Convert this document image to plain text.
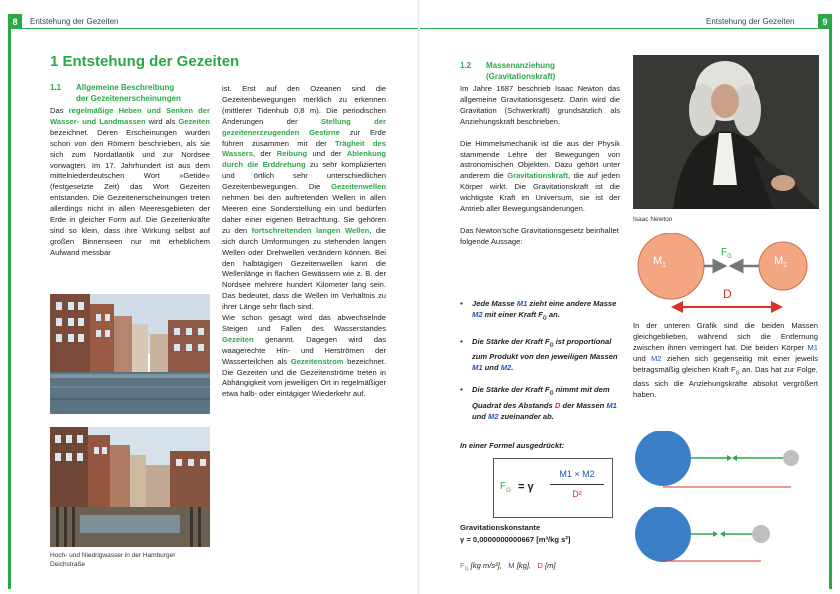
8	Entstehung der Gezeiten
1 Entstehung der Gezeiten
1.1 Allgemeine Beschreibung
der Gezeitenerscheinungen

Das regelmäßige Heben und Senken der Wasser- und Landmassen wird als Gezeiten bezeichnet. Deren Erscheinungen wurden schon von den Römern beschrieben, als sie sich zum Nordatlantik und zur Nordsee vorwagten. Im 17. Jahrhundert ist aus dem mittelniederdeutschen Wort »Getide« (festgesetzte Zeit) das Wort Gezeiten entstanden. Die Gezeitenerscheinungen treten allerdings nicht in allen Meeresgebieten der Erde in gleicher Form auf. Die Gezeitenkräfte sind so klein, dass ihre Wirkung selbst auf großen Binnenseen nur mit erheblichem Aufwand messbar

ist. Erst auf den Ozeanen sind die Gezeitenbewegungen merklich zu erkennen (mittlerer Tidenhub 0,8 m). Die periodischen Änderungen der Stellung der gezeitenerzeugenden Gestirne zur Erde führen zusammen mit der Trägheit des Wassers, der Reibung und der Ablenkung durch die Erddrehung zu sehr komplizierten und örtlich sehr unterschiedlichen Gezeitenbewegungen. Die Gezeitenwellen nehmen bei den auftretenden Wellen in allen Meeren eine Sonderstellung ein und bedürfen daher einer eigenen Betrachtung. Sie gehören zu den fortschreitenden langen Wellen, die sich durch Umformungen zu stehenden langen Wellen oder Drehwellen verändern können. Bei den halbtägigen Gezeitenwellen kann die Wellenlänge in flachen Gewässern wie z. B. der Nordsee mehrere hundert Kilometer lang sein. Das bedeutet, dass die Wellen im Verhältnis zu ihrer Länge sehr flach sind.

Wie schon gesagt wird das abwechselnde Steigen und Fallen des Wasserstandes Gezeiten genannt. Dagegen wird das waagerechte Hin- und Herströmen der Wasserteilchen als Gezeitenstrom bezeichnet. Die Gezeiten und die Gezeitenströme treten in Abhängigkeit vom jeweiligen Ort in regelmäßiger etwa halb- oder eintägiger Wiederkehr auf.

Hoch- und Niedrigwasser in der Hamburger Deichstraße
Entstehung der Gezeiten	9
1.2 Massenanziehung
(Gravitationskraft)

Im Jahre 1687 beschrieb Isaac Newton das allgemeine Gravitationsgesetz. Darin wird die Gravitation (Schwerkraft) grundsätzlich als Anziehungskraft beschrieben.

Die Himmelsmechanik ist die aus der Physik stammende Lehre der Bewegungen von astronomischen Objekten. Dazu gehört unter anderem die Gravitationskraft, die auf jeden Körper wirkt. Die Gravitationskraft ist die wichtigste Kraft im Universum, sie ist der Antrieb aller Bewegungsänderungen.

Das Newton'sche Gravitationsgesetz beinhaltet folgende Aussage:

• Jede Masse M1 zieht eine andere Masse M2 mit einer Kraft $F_G$ an.
• Die Stärke der Kraft $F_G$ ist proportional zum Produkt von den jeweiligen Massen M1 und M2.
• Die Stärke der Kraft $F_G$ nimmt mit dem Quadrat des Abstands D der Massen M1 und M2 zueinander ab.
In einer Formel ausgedrückt:
$F_G = \gamma$
M1 × M2
D²
Gravitationskonstante
γ = 0,0000000000667 [m³/kg s²]
$F_G$ [kg m/s²], M [kg], D [m]
Isaac Newton
$M_1$	$M_2$
$F_G$
D

In der unteren Grafik sind die beiden Massen gleichgeblieben, während sich die Entfernung zwischen ihnen verringert hat. Die beiden Körper M1 und M2 ziehen sich gegenseitig mit einer jeweils betragsmäßig gleichen Kraft $F_G$ an. Das hat zur Folge, dass sich die Anziehungskräfte absolut vergrößert haben.
